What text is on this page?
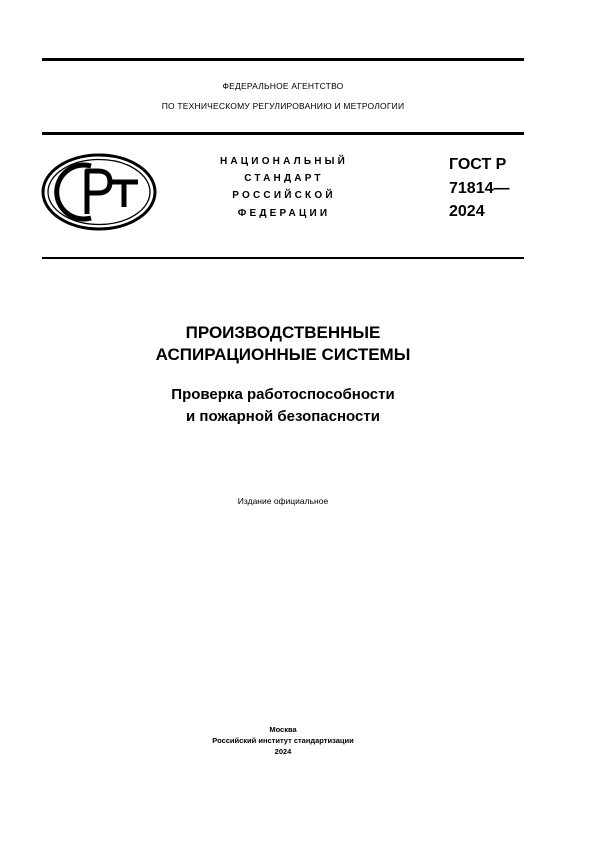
ФЕДЕРАЛЬНОЕ АГЕНТСТВО
ПО ТЕХНИЧЕСКОМУ РЕГУЛИРОВАНИЮ И МЕТРОЛОГИИ
НАЦИОНАЛЬНЫЙ
СТАНДАРТ
РОССИЙСКОЙ
ФЕДЕРАЦИИ
ГОСТ Р
71814—
2024
ПРОИЗВОДСТВЕННЫЕ
АСПИРАЦИОННЫЕ СИСТЕМЫ
Проверка работоспособности
и пожарной безопасности
Издание официальное
Москва
Российский институт стандартизации
2024
